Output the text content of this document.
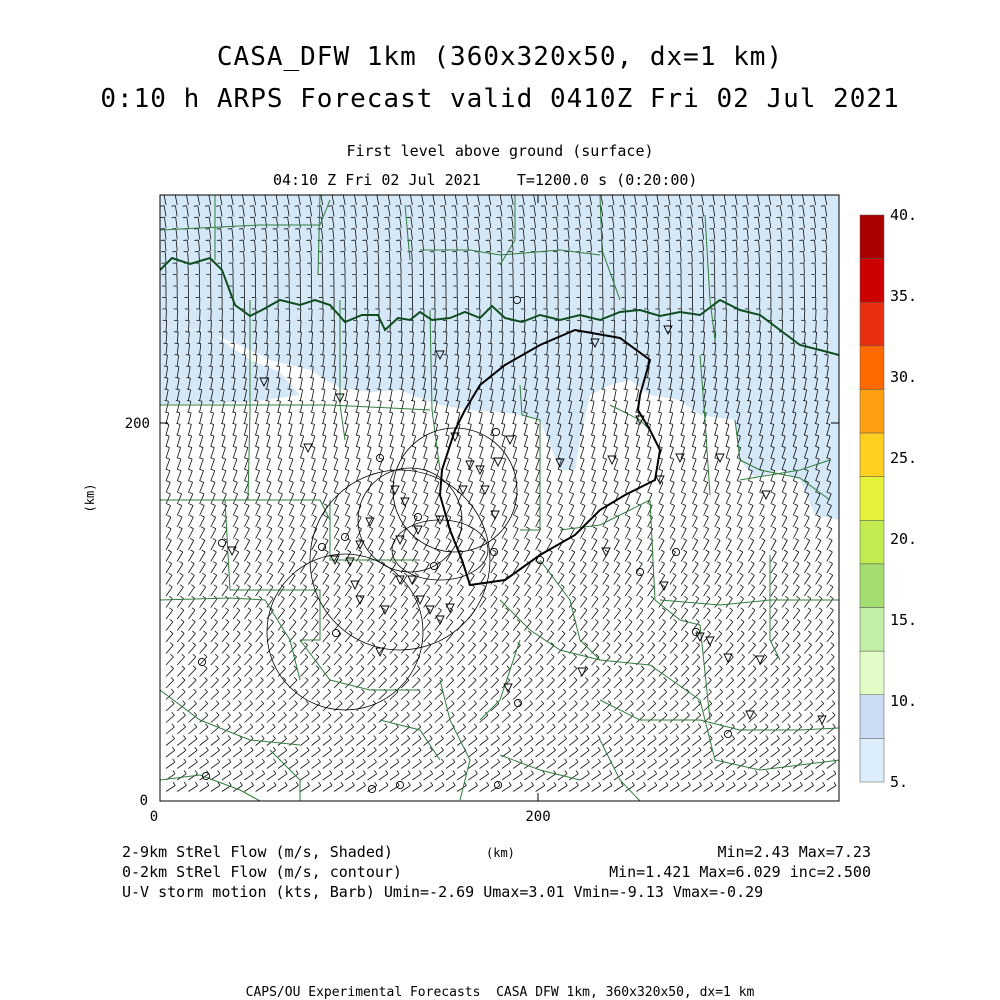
CASA_DFW 1km (360x320x50, dx=1 km)
0:10 h ARPS Forecast valid 0410Z Fri 02 Jul 2021
First level above ground (surface)
04:10 Z Fri 02 Jul 2021    T=1200.0 s (0:20:00)
0	200
0
200
(km)
40.
35.
30.
25.
20.
15.
10.
5.
2-9km StRel Flow (m/s, Shaded)	(km)	Min=2.43 Max=7.23
0-2km StRel Flow (m/s, contour)	Min=1.421 Max=6.029 inc=2.500
U-V storm motion (kts, Barb) Umin=-2.69 Umax=3.01 Vmin=-9.13 Vmax=-0.29
CAPS/OU Experimental Forecasts  CASA DFW 1km, 360x320x50, dx=1 km
